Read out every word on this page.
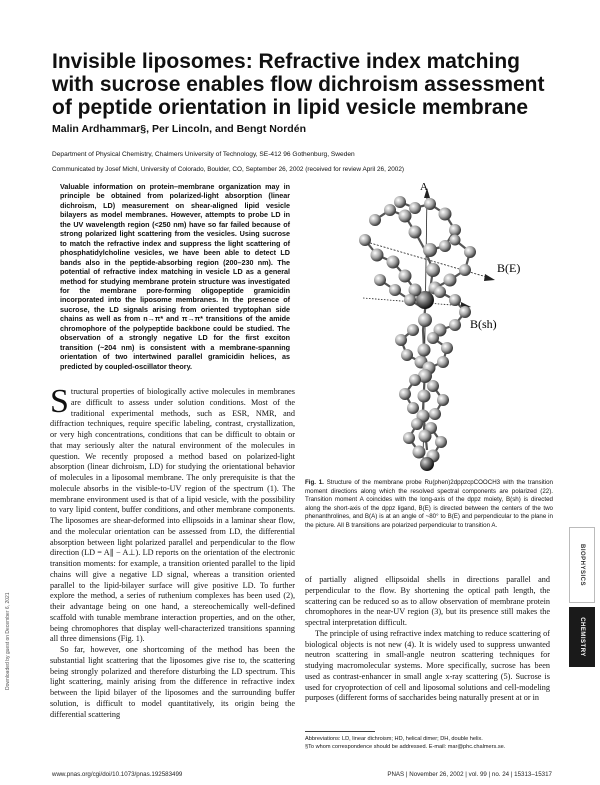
Invisible liposomes: Refractive index matching with sucrose enables flow dichroism assessment of peptide orientation in lipid vesicle membrane
Malin Ardhammar§, Per Lincoln, and Bengt Nordén
Department of Physical Chemistry, Chalmers University of Technology, SE-412 96 Gothenburg, Sweden
Communicated by Josef Michl, University of Colorado, Boulder, CO, September 26, 2002 (received for review April 26, 2002)

Valuable information on protein–membrane organization may in principle be obtained from polarized-light absorption (linear dichroism, LD) measurement on shear-aligned lipid vesicle bilayers as model membranes. However, attempts to probe LD in the UV wavelength region (<250 nm) have so far failed because of strong polarized light scattering from the vesicles. Using sucrose to match the refractive index and suppress the light scattering of phosphatidylcholine vesicles, we have been able to detect LD bands also in the peptide-absorbing region (200–230 nm). The potential of refractive index matching in vesicle LD as a general method for studying membrane protein structure was investigated for the membrane pore-forming oligopeptide gramicidin incorporated into the liposome membranes. In the presence of sucrose, the LD signals arising from oriented tryptophan side chains as well as from n→π* and π→π* transitions of the amide chromophore of the polypeptide backbone could be studied. The observation of a strongly negative LD for the first exciton transition (~204 nm) is consistent with a membrane-spanning orientation of two intertwined parallel gramicidin helices, as predicted by coupled-oscillator theory.

A
B(E)
B(sh)
Fig. 1. Structure of the membrane probe Ru(phen)2dppzcpCOOCH3 with the transition moment directions along which the resolved spectral components are polarized (22). Transition moment A coincides with the long-axis of the dppz moiety, B(sh) is directed along the short-axis of the dppz ligand, B(E) is directed between the centers of the two phenanthrolines, and B(A) is at an angle of ~80° to B(E) and perpendicular to the plane in the picture. All B transitions are polarized perpendicular to transition A.

Structural properties of biologically active molecules in membranes are difficult to assess under solution conditions. Most of the traditional experimental methods, such as ESR, NMR, and diffraction techniques, require specific labeling, contrast, crystallization, or very high concentrations, conditions that can be difficult to obtain or that may seriously alter the natural environment of the molecules in question. We recently proposed a method based on polarized-light absorption (linear dichroism, LD) for studying the orientational behavior of molecules in a liposomal membrane. The only prerequisite is that the molecule absorbs in the visible-to-UV region of the spectrum (1). The membrane environment used is that of a lipid vesicle, with the possibility to vary lipid content, buffer conditions, and other membrane components. The liposomes are shear-deformed into ellipsoids in a laminar shear flow, and the molecular orientation can be assessed from LD, the differential absorption between light polarized parallel and perpendicular to the flow direction (LD = A∥ − A⊥). LD reports on the orientation of the electronic transition moments: for example, a transition oriented parallel to the lipid chains will give a negative LD signal, whereas a transition oriented parallel to the lipid-bilayer surface will give positive LD. To further explore the method, a series of ruthenium complexes has been used (2), their advantage being on one hand, a stereochemically well-defined scaffold with tunable membrane interaction properties, and on the other, being chromophores that display well-characterized transitions spanning all three dimensions (Fig. 1).

So far, however, one shortcoming of the method has been the substantial light scattering that the liposomes give rise to, the scattering being strongly polarized and therefore disturbing the LD spectrum. This light scattering, mainly arising from the difference in refractive index between the lipid bilayer of the liposomes and the surrounding buffer solution, is difficult to model quantitatively, its origin being the differential scattering

of partially aligned ellipsoidal shells in directions parallel and perpendicular to the flow. By shortening the optical path length, the scattering can be reduced so as to allow observation of membrane protein chromophores in the near-UV region (3), but its presence still makes the spectral interpretation difficult.

The principle of using refractive index matching to reduce scattering of biological objects is not new (4). It is widely used to suppress unwanted neutron scattering in small-angle neutron scattering techniques for studying macromolecular systems. More specifically, sucrose has been used as contrast-enhancer in small angle x-ray scattering (5). Sucrose is used for cryoprotection of cell and liposomal solutions and cell-modeling purposes (different forms of saccharides being naturally present at or in

Abbreviations: LD, linear dichroism; HD, helical dimer; DH, double helix.
§To whom correspondence should be addressed. E-mail: mar@phc.chalmers.se.
BIOPHYSICS
CHEMISTRY
Downloaded by guest on December 6, 2021
www.pnas.org/cgi/doi/10.1073/pnas.192583499	PNAS | November 26, 2002 | vol. 99 | no. 24 | 15313–15317
